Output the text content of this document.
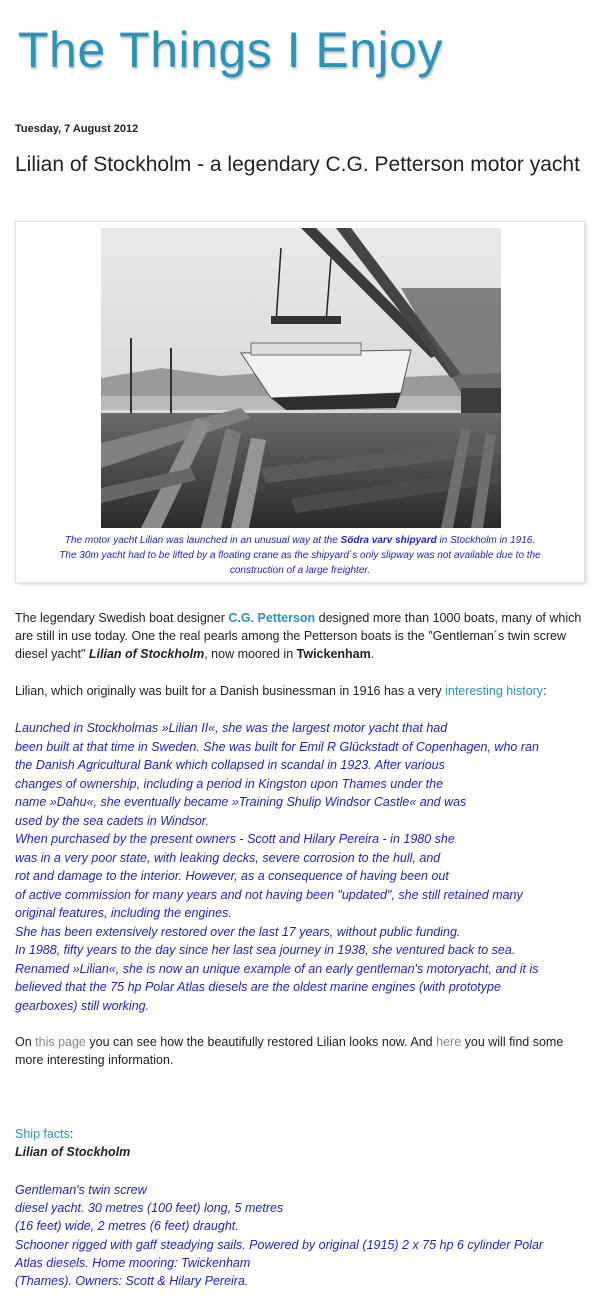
The Things I Enjoy
Tuesday, 7 August 2012
Lilian of Stockholm - a legendary C.G. Petterson motor yacht
The motor yacht Lilian was launched in an unusual way at the Södra varv shipyard in Stockholm in 1916.
The 30m yacht had to be lifted by a floating crane as the shipyard´s only slipway was not available due to the
construction of a large freighter.

The legendary Swedish boat designer C.G. Petterson designed more than 1000 boats, many of which are still in use today. One the real pearls among the Petterson boats is the "Gentleman´s twin screw diesel yacht" Lilian of Stockholm, now moored in Twickenham.

Lilian, which originally was built for a Danish businessman in 1916 has a very interesting history:

Launched in Stockholmas »Lilian II«, she was the largest motor yacht that had
been built at that time in Sweden. She was built for Emil R Glückstadt of Copenhagen, who ran
the Danish Agricultural Bank which collapsed in scandal in 1923. After various
changes of ownership, including a period in Kingston upon Thames under the
name »Dahu«, she eventually became »Training Shulip Windsor Castle« and was
used by the sea cadets in Windsor.
When purchased by the present owners - Scott and Hilary Pereira - in 1980 she
was in a very poor state, with leaking decks, severe corrosion to the hull, and
rot and damage to the interior. However, as a consequence of having been out
of active commission for many years and not having been "updated", she still retained many
original features, including the engines.
She has been extensively restored over the last 17 years, without public funding.
In 1988, fifty years to the day since her last sea journey in 1938, she ventured back to sea.
Renamed »Lilian«, she is now an unique example of an early gentleman's motoryacht, and it is
believed that the 75 hp Polar Atlas diesels are the oldest marine engines (with prototype
gearboxes) still working.

On this page you can see how the beautifully restored Lilian looks now. And here you will find some more interesting information.

Ship facts:
Lilian of Stockholm
Gentleman's twin screw
diesel yacht. 30 metres (100 feet) long, 5 metres
(16 feet) wide, 2 metres (6 feet) draught.
Schooner rigged with gaff steadying sails. Powered by original (1915) 2 x 75 hp 6 cylinder Polar
Atlas diesels. Home mooring: Twickenham
(Thames). Owners: Scott & Hilary Pereira.
